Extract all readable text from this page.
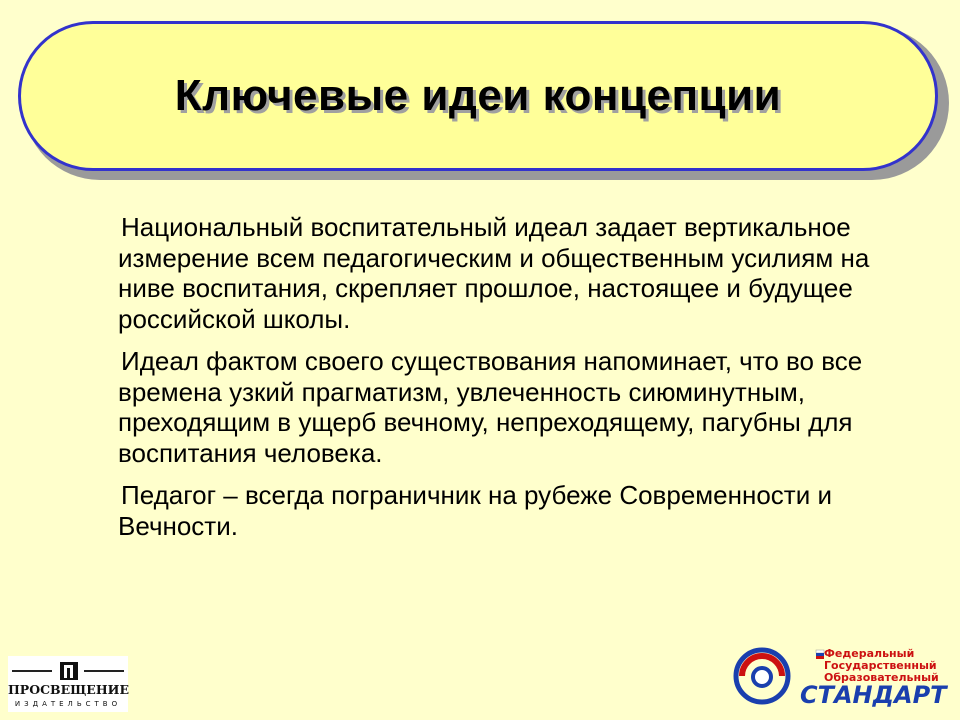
Ключевые идеи концепции

Национальный воспитательный идеал задает вертикальное измерение всем педагогическим и общественным усилиям на ниве воспитания, скрепляет прошлое, настоящее и будущее российской школы.

Идеал фактом своего существования напоминает, что во все времена узкий прагматизм, увлеченность сиюминутным, преходящим в ущерб вечному, непреходящему, пагубны для воспитания человека.

Педагог – всегда пограничник на рубеже Современности и Вечности.

ПРОСВЕЩЕНИЕ
ИЗДАТЕЛЬСТВО
Федеральный
Государственный
Образовательный
СТАНДАРТ
